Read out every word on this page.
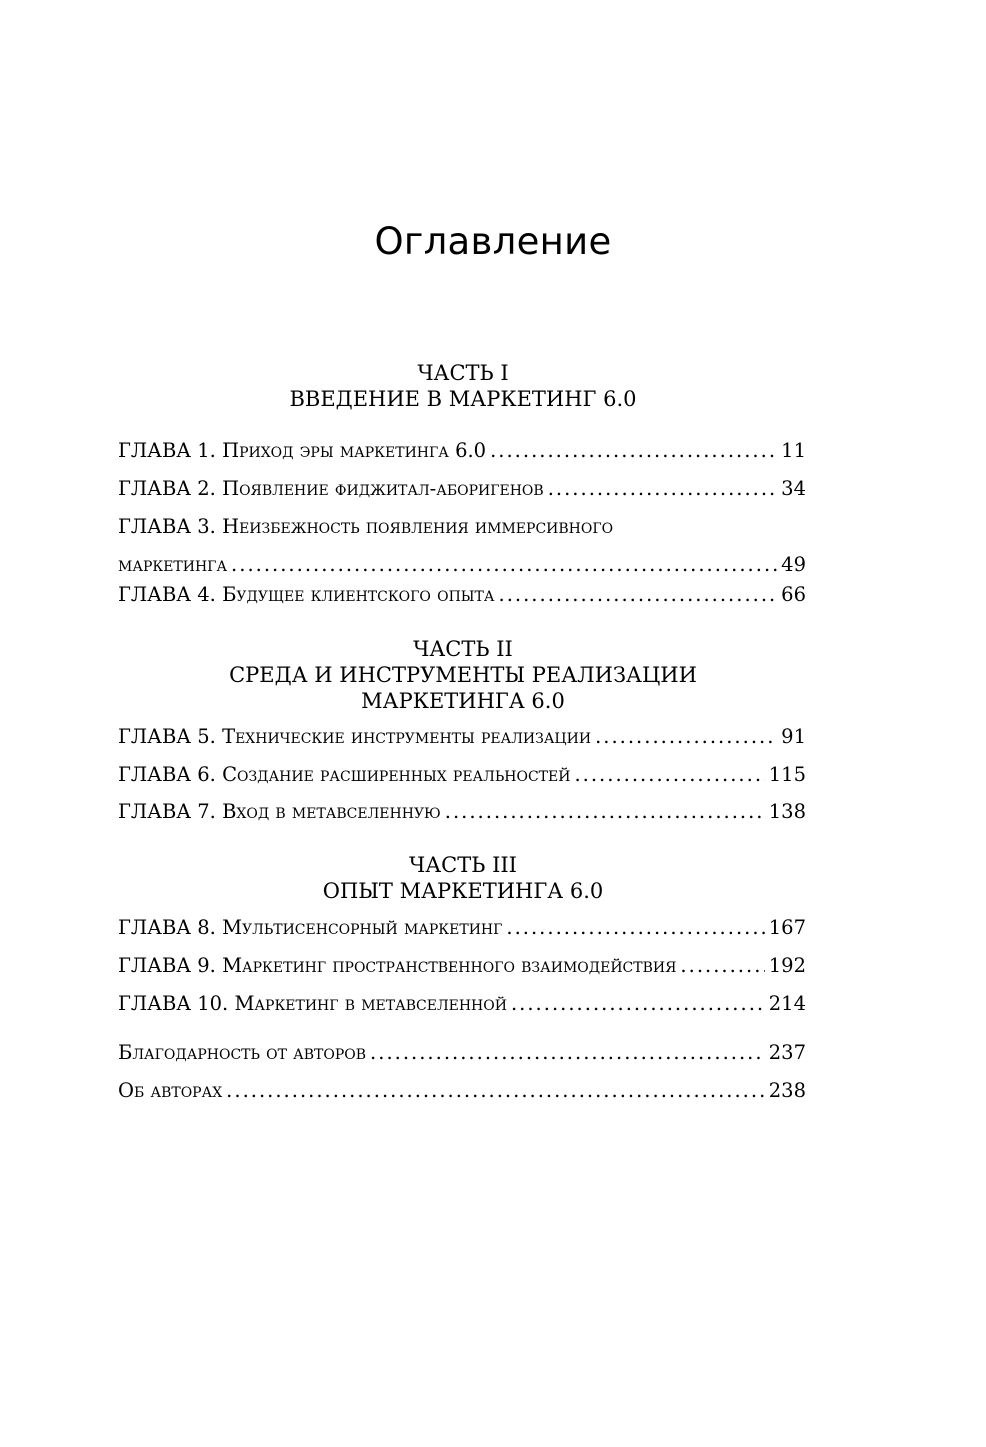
Оглавление
ЧАСТЬ I
ВВЕДЕНИЕ В МАРКЕТИНГ 6.0
ГЛАВА 1.
Приход эры маркетинга 6.0 .....	11
ГЛАВА 2.
Появление фиджитал-аборигенов .....	34
ГЛАВА 3. Неизбежность появления иммерсивного
маркетинга .....	49
ГЛАВА 4.
Будущее клиентского опыта .....	66
ЧАСТЬ II
СРЕДА И ИНСТРУМЕНТЫ РЕАЛИЗАЦИИ
МАРКЕТИНГА 6.0
ГЛАВА 5.
Технические инструменты реализации .....	91
ГЛАВА 6.
Создание расширенных реальностей .....	115
ГЛАВА 7.
Вход в метавселенную .....	138
ЧАСТЬ III
ОПЫТ МАРКЕТИНГА 6.0
ГЛАВА 8.
Мультисенсорный маркетинг .....	167
ГЛАВА 9.
Маркетинг пространственного взаимодействия .....	192
ГЛАВА 10.
Маркетинг в метавселенной .....	214
Благодарность от авторов .....	237
Об авторах .....	238
